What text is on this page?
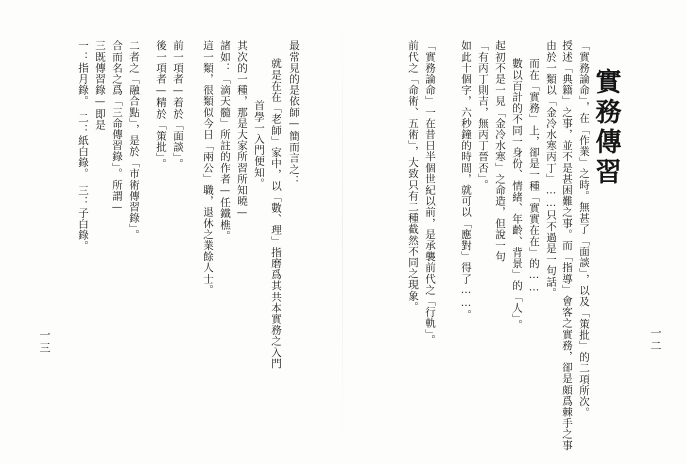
實務傳習
「實務論命」，在「作業」之時。無甚了「面談」，以及「策批」的二項所次。
授述「典籍」之事，並不是甚困難之事。而「指導」會客之實務，卻是頗爲棘手之事
由於一類以「金冷水寒丙丁」……只不過是一句話。
而在「實務」上，卻是一種「實實在在」的……
數以百計的不同一身份、情緒、年齡、背景」的「人」。
起初不是一見「金冷水寒」之命造，但說一句
「有丙丁則吉，無丙丁晉否」。
如此十個字，六秒鐘的時間，就可以「應對」得了……。
「實務論命」一在昔日半個世紀以前，是承襲前代之「行軌」。
前代之「命術、五術」，大致只有二種截然不同之現象。
一二
最常見的是依師—簡而言之：
就是在在「老師」家中，以「數、理」指磨爲其共本實務之入門
首學一入門便知。
其次的一種，那是大家所習所知曉—
諸如：「滴天髓」所註的作者—任鐵樵。
這一類，很類似今日「兩公」職，退休之業餘人士。
前一項者—着於「面談」。
後一項者—精於「策批」。
二者之「融合點」，是於「市術傳習錄」。
合而名之爲「三命傳習錄」。所謂—
三既傳習錄—即是
一：指月錄。　二：紙白錄。　三：子白錄。
一三
